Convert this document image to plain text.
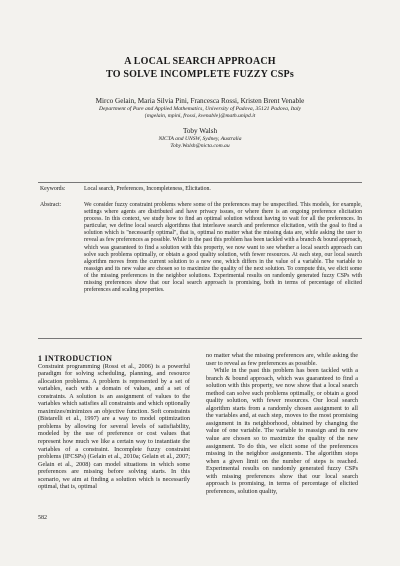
A LOCAL SEARCH APPROACH
TO SOLVE INCOMPLETE FUZZY CSPs
Mirco Gelain, Maria Silvia Pini, Francesca Rossi, Kristen Brent Venable
Department of Pure and Applied Mathematics, University of Padova, 35121 Padova, Italy
{mgelain, mpini, frossi, kvenable}@math.unipd.it
Toby Walsh
NICTA and UNSW, Sydney, Australia
Toby.Walsh@nicta.com.au
Keywords:	Local search, Preferences, Incompleteness, Elicitation.
Abstract:	We consider fuzzy constraint problems where some of the preferences may be unspecified. This models, for example, settings where agents are distributed and have privacy issues, or where there is an ongoing preference elicitation process. In this context, we study how to find an optimal solution without having to wait for all the preferences. In particular, we define local search algorithms that interleave search and preference elicitation, with the goal to find a solution which is "necessarily optimal", that is, optimal no matter what the missing data are, while asking the user to reveal as few preferences as possible. While in the past this problem has been tackled with a branch & bound approach, which was guaranteed to find a solution with this property, we now want to see whether a local search approach can solve such problems optimally, or obtain a good quality solution, with fewer resources. At each step, our local search algorithm moves from the current solution to a new one, which differs in the value of a variable. The variable to reassign and its new value are chosen so to maximize the quality of the next solution. To compute this, we elicit some of the missing preferences in the neighbor solutions. Experimental results on randomly generated fuzzy CSPs with missing preferences show that our local search approach is promising, both in terms of percentage of elicited preferences and scaling properties.

1 INTRODUCTION

Constraint programming (Rossi et al., 2006) is a powerful paradigm for solving scheduling, planning, and resource allocation problems. A problem is represented by a set of variables, each with a domain of values, and a set of constraints. A solution is an assignment of values to the variables which satisfies all constraints and which optionally maximizes/minimizes an objective function. Soft constraints (Bistarelli et al., 1997) are a way to model optimization problems by allowing for several levels of satisfiability, modeled by the use of preference or cost values that represent how much we like a certain way to instantiate the variables of a constraint. Incomplete fuzzy constraint problems (IFCSPs) (Gelain et al., 2010a; Gelain et al., 2007; Gelain et al., 2008) can model situations in which some preferences are missing before solving starts. In this scenario, we aim at finding a solution which is necessarily optimal, that is, optimal

no matter what the missing preferences are, while asking the user to reveal as few preferences as possible.

While in the past this problem has been tackled with a branch & bound approach, which was guaranteed to find a solution with this property, we now show that a local search method can solve such problems optimally, or obtain a good quality solution, with fewer resources. Our local search algorithm starts from a randomly chosen assignment to all the variables and, at each step, moves to the most promising assignment in its neighborhood, obtained by changing the value of one variable. The variable to reassign and its new value are chosen so to maximize the quality of the new assignment. To do this, we elicit some of the preferences missing in the neighbor assignments. The algorithm stops when a given limit on the number of steps is reached. Experimental results on randomly generated fuzzy CSPs with missing preferences show that our local search approach is promising, in terms of percentage of elicited preferences, solution quality,

582
